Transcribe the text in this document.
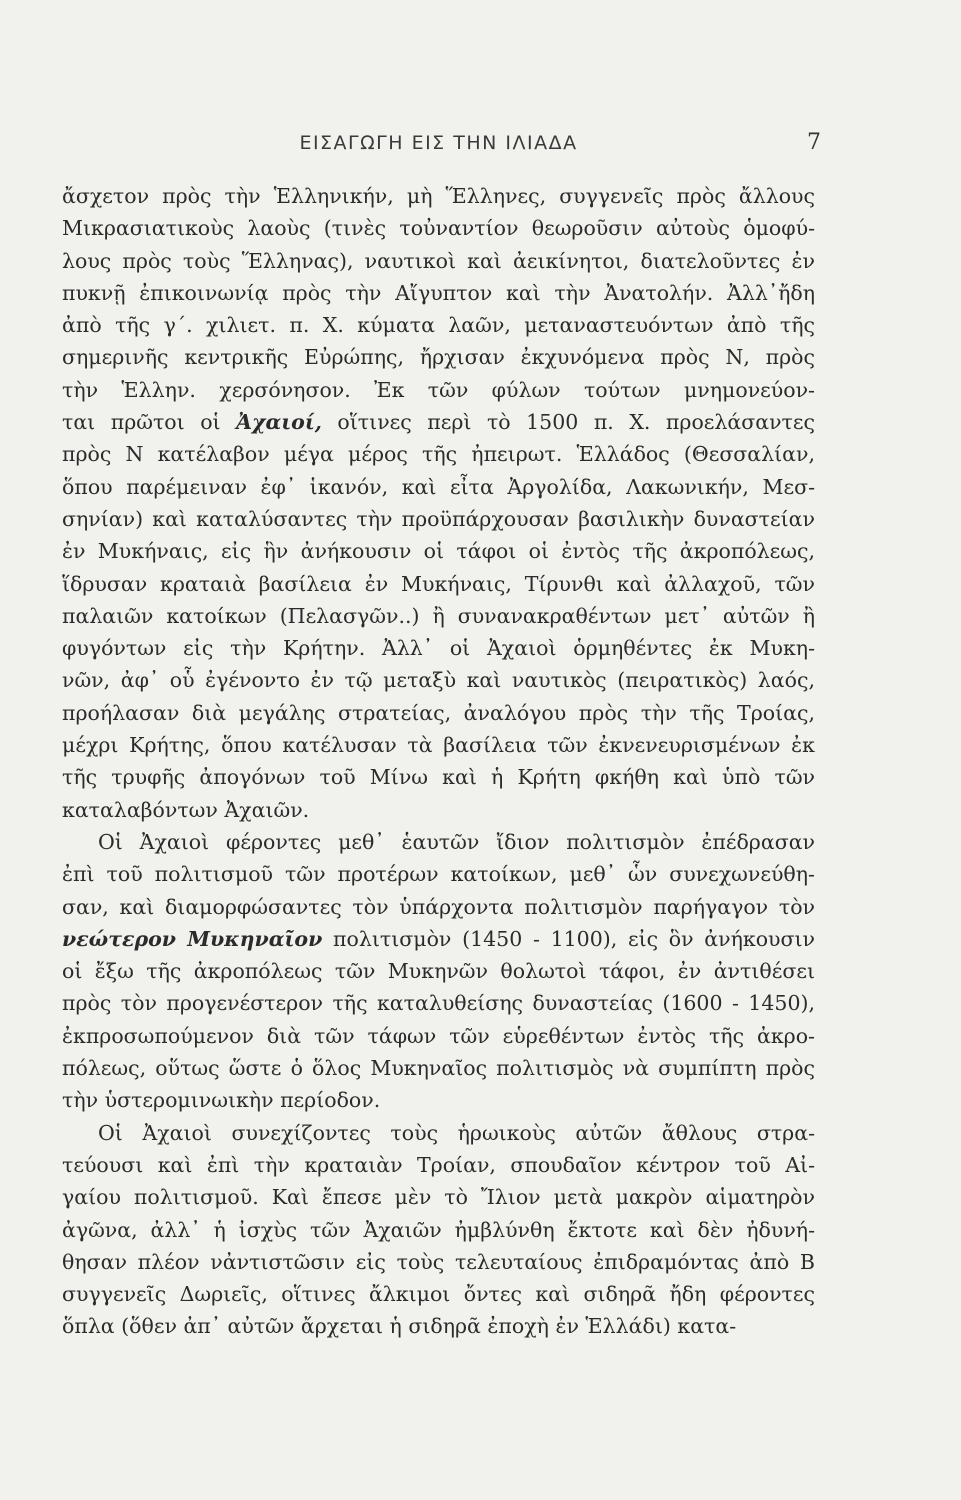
ΕΙΣΑΓΩΓΗ ΕΙΣ ΤΗΝ ΙΛΙΑΔΑ	7
ἄσχετον πρὸς τὴν Ἑλληνικήν, μὴ Ἕλληνες, συγγενεῖς πρὸς ἄλλους
Μικρασιατικοὺς λαοὺς (τινὲς τοὐναντίον θεωροῦσιν αὐτοὺς ὁμοφύ-
λους πρὸς τοὺς Ἕλληνας), ναυτικοὶ καὶ ἀεικίνητοι, διατελοῦντες ἐν
πυκνῇ ἐπικοινωνίᾳ πρὸς τὴν Αἴγυπτον καὶ τὴν Ἀνατολήν. Ἀλλ᾽ἤδη
ἀπὸ τῆς γ΄. χιλιετ. π. Χ. κύματα λαῶν, μεταναστευόντων ἀπὸ τῆς
σημερινῆς κεντρικῆς Εὐρώπης, ἤρχισαν ἐκχυνόμενα πρὸς Ν, πρὸς
τὴν Ἑλλην. χερσόνησον. Ἐκ τῶν φύλων τούτων μνημονεύον-
ται πρῶτοι οἱ Ἀχαιοί, οἵτινες περὶ τὸ 1500 π. Χ. προελάσαντες
πρὸς Ν κατέλαβον μέγα μέρος τῆς ἠπειρωτ. Ἑλλάδος (Θεσσαλίαν,
ὅπου παρέμειναν ἐφ᾽ ἱκανόν, καὶ εἶτα Ἀργολίδα, Λακωνικήν, Μεσ-
σηνίαν) καὶ καταλύσαντες τὴν προϋπάρχουσαν βασιλικὴν δυναστείαν
ἐν Μυκήναις, εἰς ἣν ἀνήκουσιν οἱ τάφοι οἱ ἐντὸς τῆς ἀκροπόλεως,
ἵδρυσαν κραταιὰ βασίλεια ἐν Μυκήναις, Τίρυνθι καὶ ἀλλαχοῦ, τῶν
παλαιῶν κατοίκων (Πελασγῶν..) ἢ συνανακραθέντων μετ᾽ αὐτῶν ἢ
φυγόντων εἰς τὴν Κρήτην. Ἀλλ᾽ οἱ Ἀχαιοὶ ὁρμηθέντες ἐκ Μυκη-
νῶν, ἀφ᾽ οὗ ἐγένοντο ἐν τῷ μεταξὺ καὶ ναυτικὸς (πειρατικὸς) λαός,
προήλασαν διὰ μεγάλης στρατείας, ἀναλόγου πρὸς τὴν τῆς Τροίας,
μέχρι Κρήτης, ὅπου κατέλυσαν τὰ βασίλεια τῶν ἐκνενευρισμένων ἐκ
τῆς τρυφῆς ἀπογόνων τοῦ Μίνω καὶ ἡ Κρήτη φκήθη καὶ ὑπὸ τῶν
καταλαβόντων Ἀχαιῶν.
Οἱ Ἀχαιοὶ φέροντες μεθ᾽ ἑαυτῶν ἴδιον πολιτισμὸν ἐπέδρασαν
ἐπὶ τοῦ πολιτισμοῦ τῶν προτέρων κατοίκων, μεθ᾽ ὧν συνεχωνεύθη-
σαν, καὶ διαμορφώσαντες τὸν ὑπάρχοντα πολιτισμὸν παρήγαγον τὸν
νεώτερον Μυκηναῖον πολιτισμὸν (1450 - 1100), εἰς ὃν ἀνήκουσιν
οἱ ἔξω τῆς ἀκροπόλεως τῶν Μυκηνῶν θολωτοὶ τάφοι, ἐν ἀντιθέσει
πρὸς τὸν προγενέστερον τῆς καταλυθείσης δυναστείας (1600 - 1450),
ἐκπροσωπούμενον διὰ τῶν τάφων τῶν εὑρεθέντων ἐντὸς τῆς ἀκρο-
πόλεως, οὕτως ὥστε ὁ ὅλος Μυκηναῖος πολιτισμὸς νὰ συμπίπτη πρὸς
τὴν ὑστερομινωικὴν περίοδον.
Οἱ Ἀχαιοὶ συνεχίζοντες τοὺς ἡρωικοὺς αὐτῶν ἄθλους στρα-
τεύουσι καὶ ἐπὶ τὴν κραταιὰν Τροίαν, σπουδαῖον κέντρον τοῦ Αἰ-
γαίου πολιτισμοῦ. Καὶ ἔπεσε μὲν τὸ Ἴλιον μετὰ μακρὸν αἱματηρὸν
ἀγῶνα, ἀλλ᾽ ἡ ἰσχὺς τῶν Ἀχαιῶν ἠμβλύνθη ἔκτοτε καὶ δὲν ἠδυνή-
θησαν πλέον νἀντιστῶσιν εἰς τοὺς τελευταίους ἐπιδραμόντας ἀπὸ Β
συγγενεῖς Δωριεῖς, οἵτινες ἄλκιμοι ὄντες καὶ σιδηρᾶ ἤδη φέροντες
ὅπλα (ὅθεν ἀπ᾽ αὐτῶν ἄρχεται ἡ σιδηρᾶ ἐποχὴ ἐν Ἑλλάδι) κατα-
